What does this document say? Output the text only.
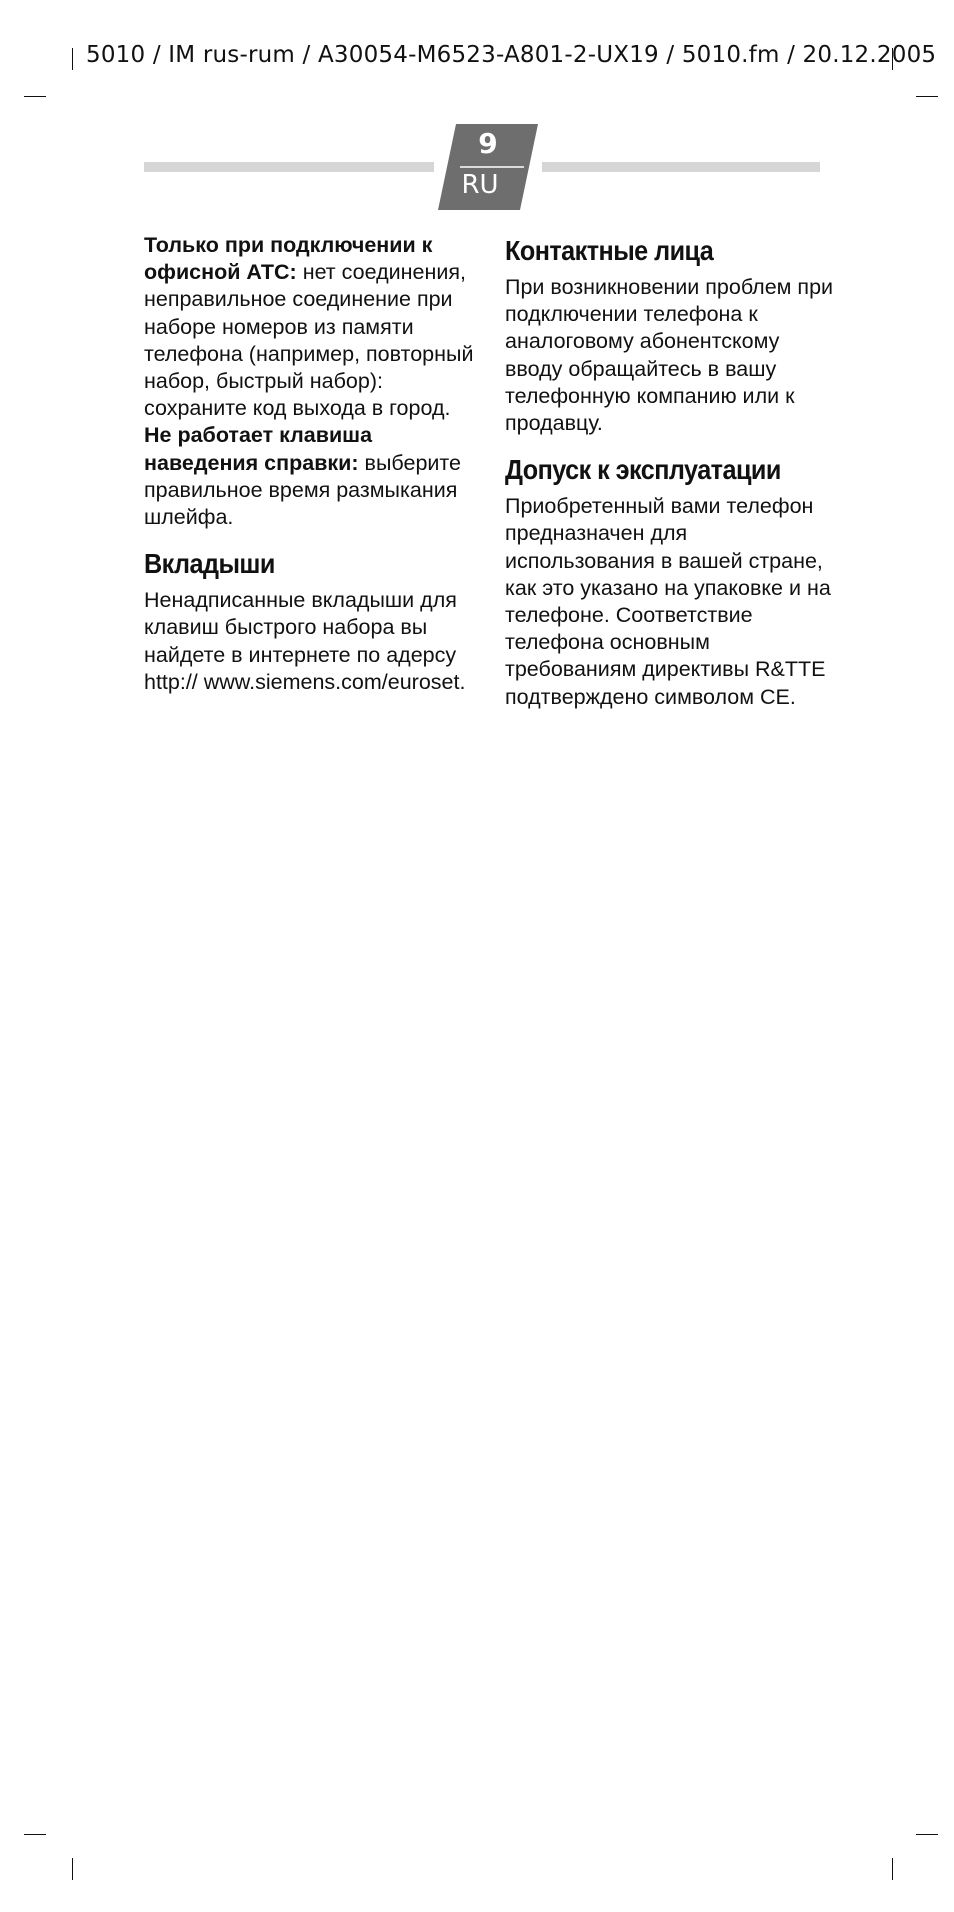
5010 / IM rus-rum / A30054-M6523-A801-2-UX19 / 5010.fm / 20.12.2005
9
RU

Только при подключении к офисной АТС: нет соединения, неправильное соединение при наборе номеров из памяти телефона (например, повторный набор, быстрый набор): сохраните код выхода в город.

Не работает клавиша наведения справки: выберите правильное время размыкания шлейфа.

Вкладыши

Ненадписанные вкладыши для клавиш быстрого набора вы найдете в интернете по адерсу http:// www.siemens.com/euroset.

Контактные лица

При возникновении проблем при подключении телефона к аналоговому абонентскому вводу обращайтесь в вашу телефонную компанию или к продавцу.

Допуск к эксплуатации

Приобретенный вами телефон предназначен для использования в вашей стране, как это указано на упаковке и на телефоне. Соответствие телефона основным требованиям директивы R&TTE подтверждено символом CE.
